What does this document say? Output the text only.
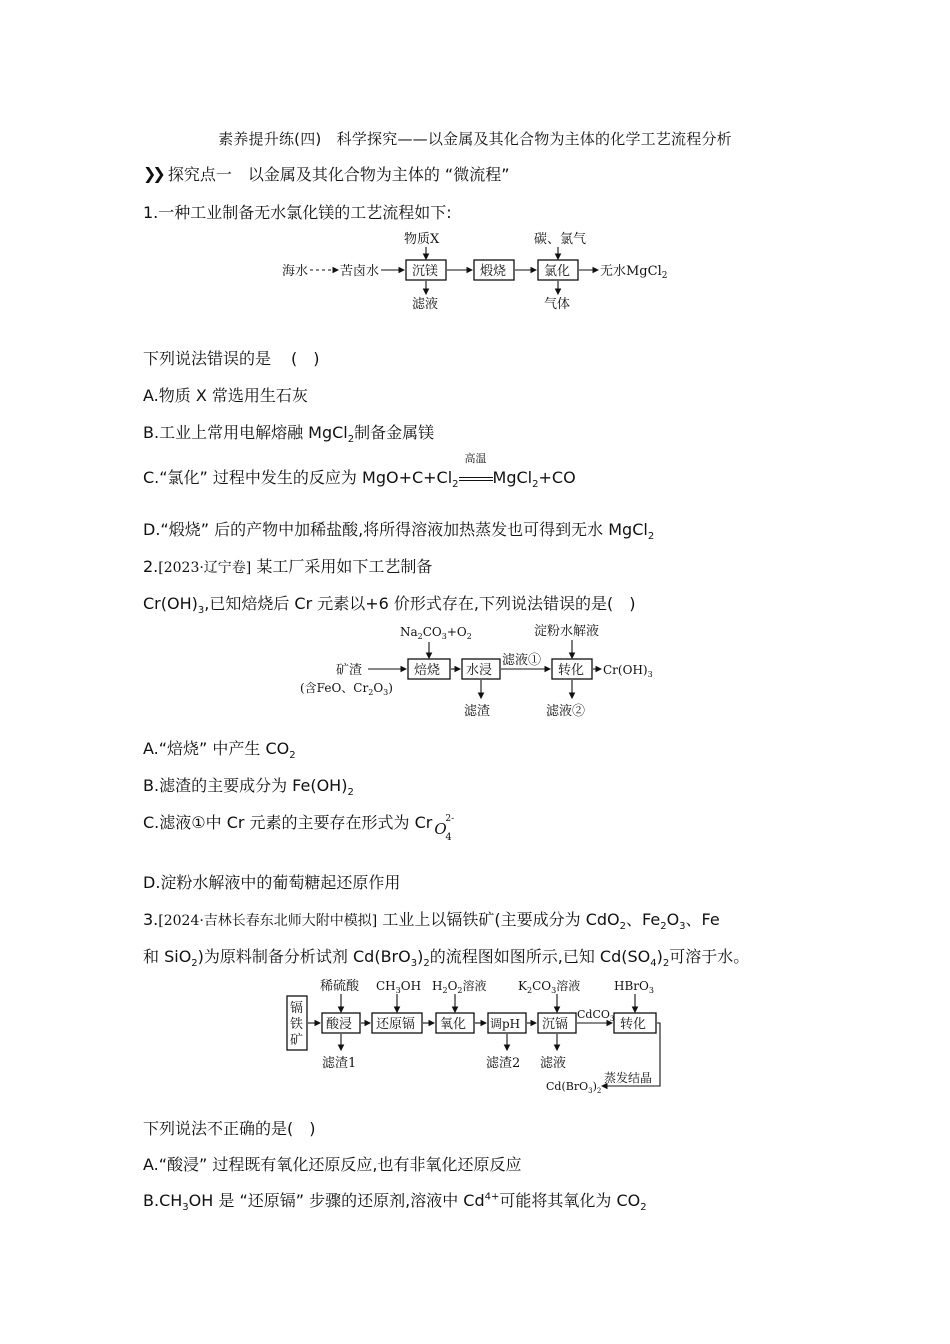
素养提升练(四)　科学探究——以金属及其化合物为主体的化学工艺流程分析
❯❯ 探究点一　以金属及其化合物为主体的 “微流程”
1.一种工业制备无水氯化镁的工艺流程如下:
海水 苦卤水	沉镁
物质X
滤液
煅烧	氯化
碳、氯气
气体
无水MgCl$_2$
下列说法错误的是 (　)
A.物质 X 常选用生石灰
B.工业上常用电解熔融 MgCl$_2$制备金属镁
C.“氯化” 过程中发生的反应为 $MgO+C+Cl_2$
高温
MgCl$_2$+CO
D.“煅烧” 后的产物中加稀盐酸,将所得溶液加热蒸发也可得到无水 MgCl$_2$
2.[2023·辽宁卷] 某工厂采用如下工艺制备
$Cr(OH)_3$,已知焙烧后 Cr 元素以+6 价形式存在,下列说法错误的是(　)
矿渣
(含FeO、$Cr_2O_3$)
焙烧
$Na_2CO_3+O_2$
水浸
滤渣
滤液①
转化
淀粉水解液
滤液②
$Cr(OH)_3$
A.“焙烧” 中产生 $CO_2$
B.滤渣的主要成分为 $Fe(OH)_2$
C.滤液①中 Cr 元素的主要存在形式为 Cr O
4
2-
D.淀粉水解液中的葡萄糖起还原作用
3.[2024·吉林长春东北师大附中模拟] 工业上以镉铁矿(主要成分为 CdO$_2$、$Fe_2O_3$、Fe
和 SiO$_2$)为原料制备分析试剂 $Cd(BrO_3)_2$的流程图如图所示,已知 $Cd(SO_4)_2$可溶于水。
镉
铁
矿
酸浸
稀硫酸
滤渣1
还原镉
$CH_3OH$
氧化
$H_2O_2$溶液
调pH
滤渣2
沉镉
$K_2CO_3$溶液
滤液
CdCO$_3$ 转化
HBrO$_3$
蒸发结晶
$Cd(BrO_3)_2$
下列说法不正确的是(　)
A.“酸浸” 过程既有氧化还原反应,也有非氧化还原反应
$B.CH_3OH$ 是 “还原镉” 步骤的还原剂,溶液中 $Cd^{4+}$可能将其氧化为 $CO_2$
